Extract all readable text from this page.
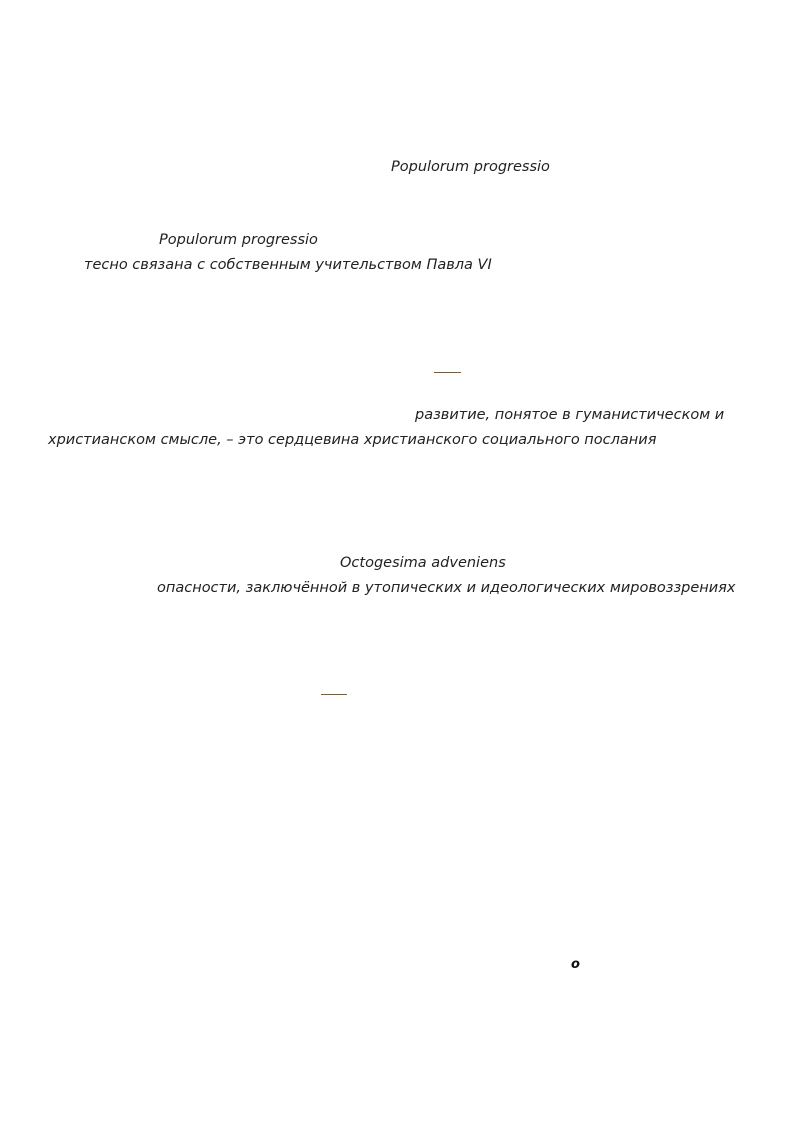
Populorum progressio
Populorum progressio
тесно связана с собственным учительством Павла VI
развитие, понятое в гуманистическом и
христианском смысле, – это сердцевина христианского социального послания
Octogesima adveniens
опасности, заключённой в утопических и идеологических мировоззрениях
o
